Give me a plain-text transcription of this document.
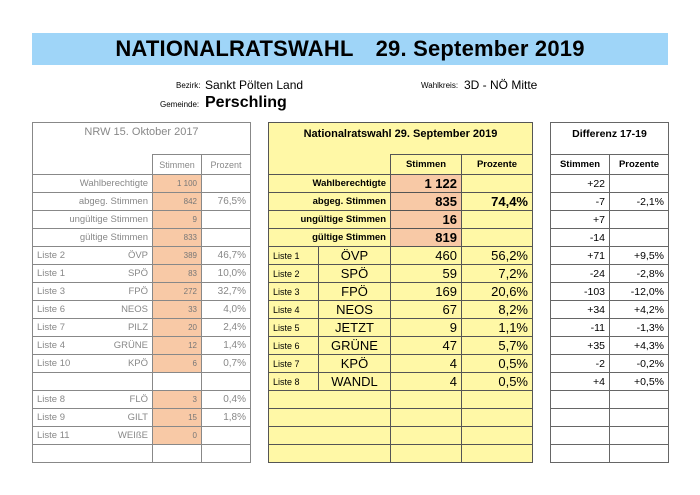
NATIONALRATSWAHL 29. September 2019
Bezirk: Sankt Pölten Land
Gemeinde: Perschling
Wahlkreis: 3D - NÖ Mitte
NRW 15. Oktober 2017		
	Stimmen	Prozent
Wahlberechtigte	1 100	
abgeg. Stimmen	842	76,5%
ungültige Stimmen	9	
gültige Stimmen	833	

Liste 2 ÖVP	389	46,7%

Liste 1 SPÖ	83	10,0%

Liste 3 FPÖ	272	32,7%

Liste 6 NEOS	33	4,0%

Liste 7 PILZ	20	2,4%

Liste 4 GRÜNE	12	1,4%

Liste 10 KPÖ	6	0,7%

Liste 8 FLÖ	3	0,4%

Liste 9 GILT	15	1,8%

Liste 11 WEIßE	0	

Nationalratswahl 29. September 2019			
		Stimmen	Prozente
Wahlberechtigte		1 122	
abgeg. Stimmen		835	74,4%
ungültige Stimmen		16	
gültige Stimmen		819	
Liste 1	ÖVP	460	56,2%
Liste 2	SPÖ	59	7,2%
Liste 3	FPÖ	169	20,6%
Liste 4	NEOS	67	8,2%
Liste 5	JETZT	9	1,1%
Liste 6	GRÜNE	47	5,7%
Liste 7	KPÖ	4	0,5%
Liste 8	WANDL	4	0,5%

Differenz 17-19	
Stimmen	Prozente
+22	
-7	-2,1%
+7	
-14	
+71	+9,5%
-24	-2,8%
-103	-12,0%
+34	+4,2%
-11	-1,3%
+35	+4,3%
-2	-0,2%
+4	+0,5%
